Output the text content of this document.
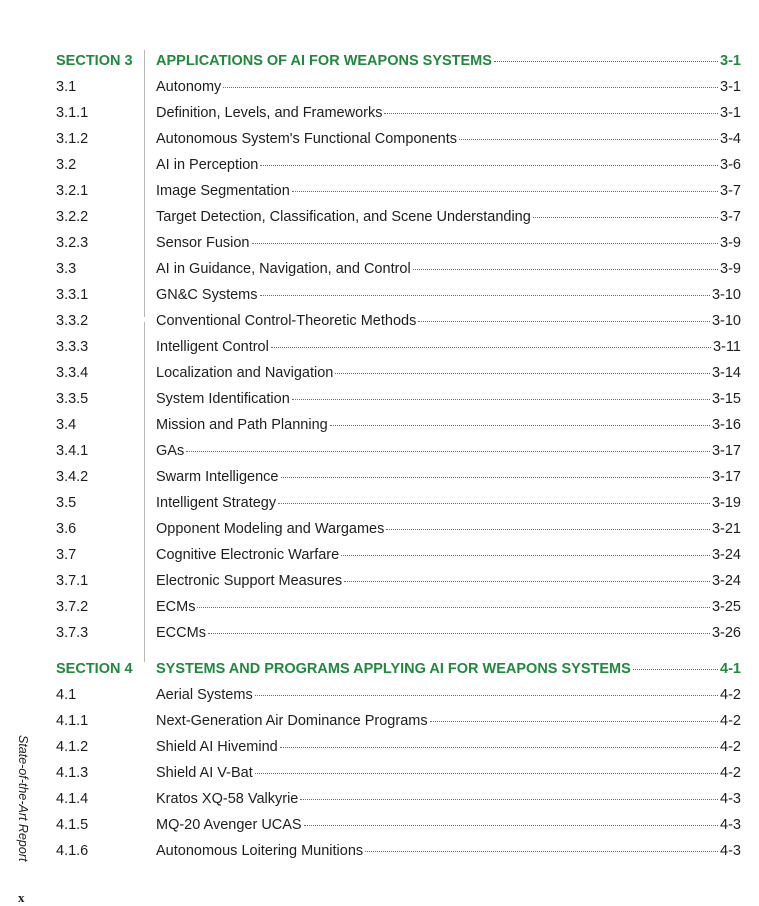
SECTION 3	APPLICATIONS OF AI FOR WEAPONS SYSTEMS	3-1
3.1	Autonomy	3-1
3.1.1	Definition, Levels, and Frameworks	3-1
3.1.2	Autonomous System's Functional Components	3-4
3.2	AI in Perception	3-6
3.2.1	Image Segmentation	3-7
3.2.2	Target Detection, Classification, and Scene Understanding	3-7
3.2.3	Sensor Fusion	3-9
3.3	AI in Guidance, Navigation, and Control	3-9
3.3.1	GN&C Systems	3-10
3.3.2	Conventional Control-Theoretic Methods	3-10
3.3.3	Intelligent Control	3-11
3.3.4	Localization and Navigation	3-14
3.3.5	System Identification	3-15
3.4	Mission and Path Planning	3-16
3.4.1	GAs	3-17
3.4.2	Swarm Intelligence	3-17
3.5	Intelligent Strategy	3-19
3.6	Opponent Modeling and Wargames	3-21
3.7	Cognitive Electronic Warfare	3-24
3.7.1	Electronic Support Measures	3-24
3.7.2	ECMs	3-25
3.7.3	ECCMs	3-26
SECTION 4	SYSTEMS AND PROGRAMS APPLYING AI FOR WEAPONS SYSTEMS	4-1
4.1	Aerial Systems	4-2
4.1.1	Next-Generation Air Dominance Programs	4-2
4.1.2	Shield AI Hivemind	4-2
4.1.3	Shield AI V-Bat	4-2
4.1.4	Kratos XQ-58 Valkyrie	4-3
4.1.5	MQ-20 Avenger UCAS	4-3
4.1.6	Autonomous Loitering Munitions	4-3
State-of-the-Art Report
x
